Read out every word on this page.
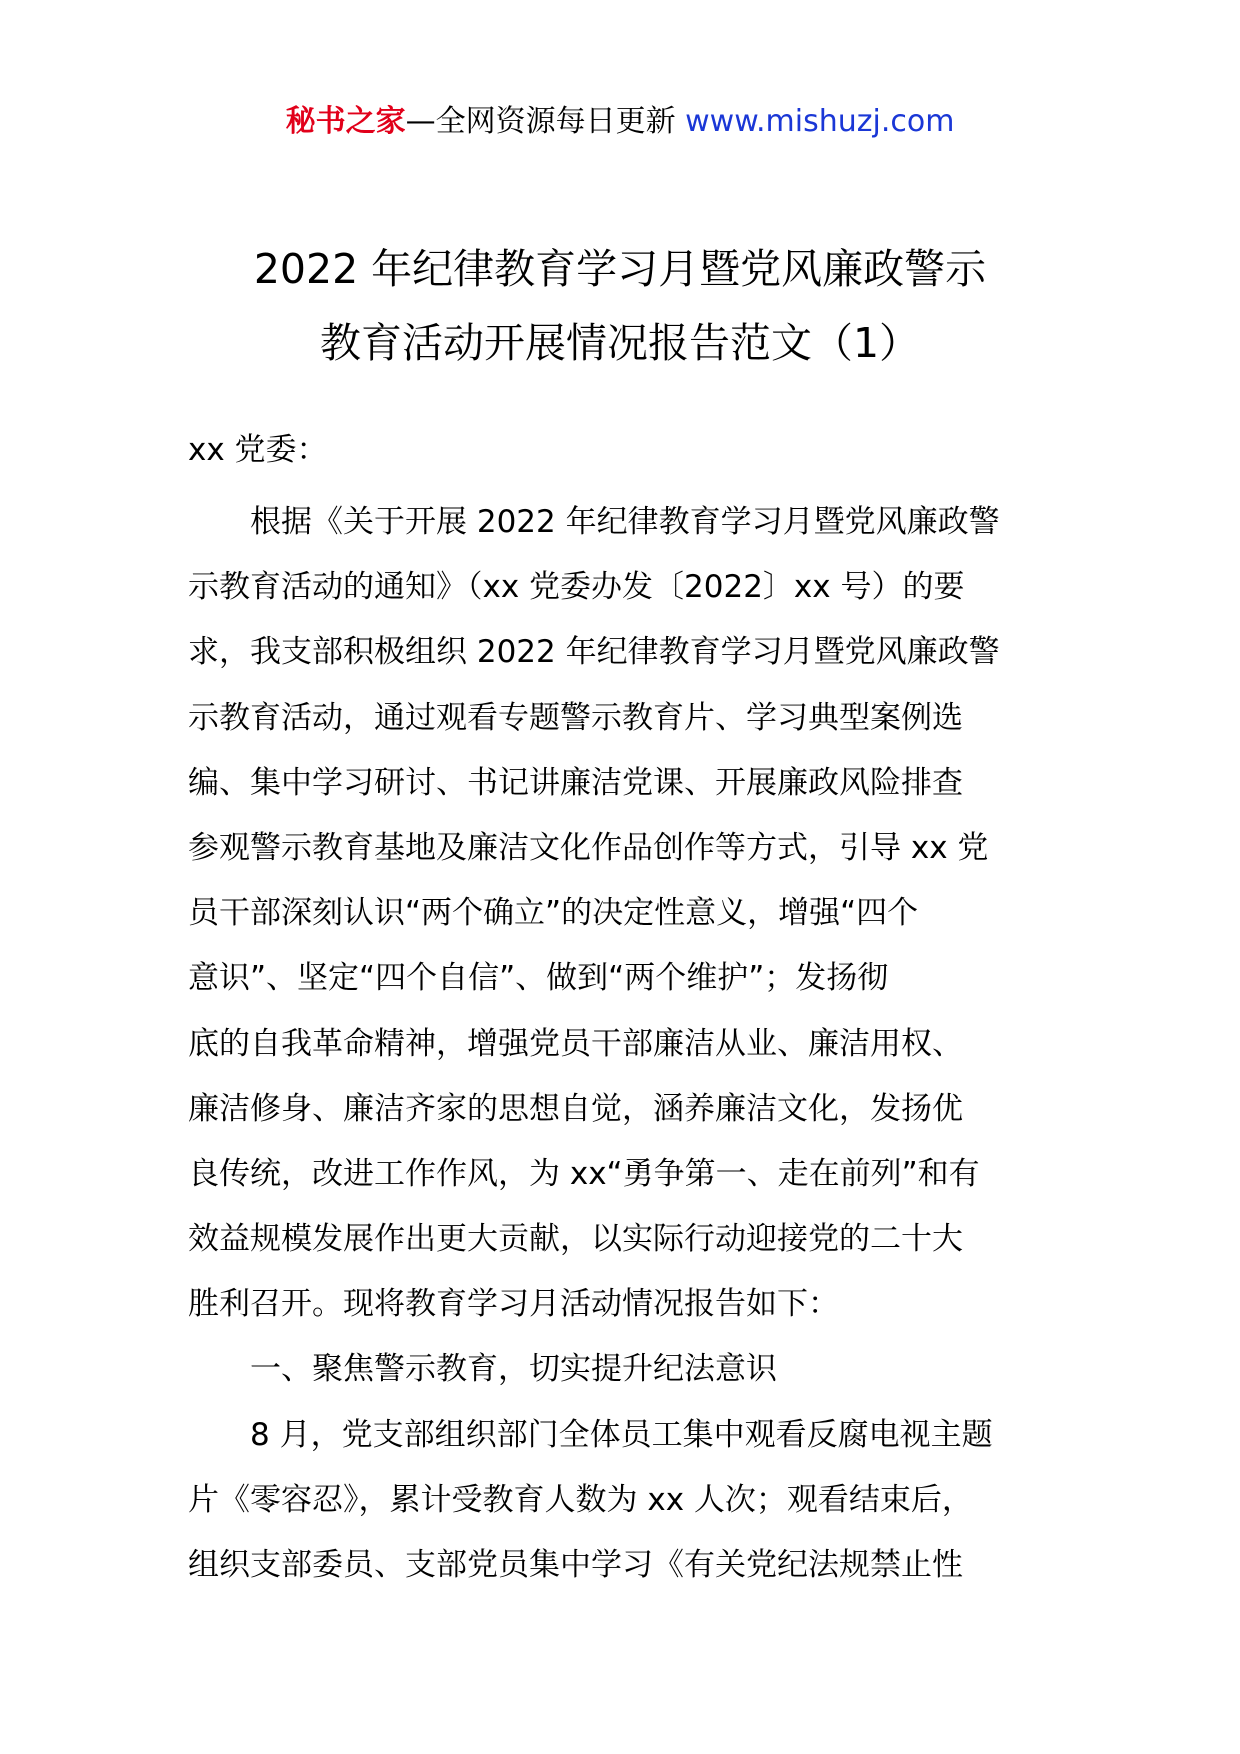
秘书之家—全网资源每日更新 www.mishuzj.com
2022 年纪律教育学习月暨党风廉政警示
教育活动开展情况报告范文（1）
xx 党委：
根据《关于开展 2022 年纪律教育学习月暨党风廉政警
示教育活动的通知》（xx 党委办发〔2022〕xx 号）的要
求，我支部积极组织 2022 年纪律教育学习月暨党风廉政警
示教育活动，通过观看专题警示教育片、学习典型案例选
编、集中学习研讨、书记讲廉洁党课、开展廉政风险排查
参观警示教育基地及廉洁文化作品创作等方式，引导 xx 党
员干部深刻认识“两个确立”的决定性意义，增强“四个
意识”、坚定“四个自信”、做到“两个维护”；发扬彻
底的自我革命精神，增强党员干部廉洁从业、廉洁用权、
廉洁修身、廉洁齐家的思想自觉，涵养廉洁文化，发扬优
良传统，改进工作作风，为 xx“勇争第一、走在前列”和有
效益规模发展作出更大贡献，以实际行动迎接党的二十大
胜利召开。现将教育学习月活动情况报告如下：
一、聚焦警示教育，切实提升纪法意识
8 月，党支部组织部门全体员工集中观看反腐电视主题
片《零容忍》，累计受教育人数为 xx 人次；观看结束后，
组织支部委员、支部党员集中学习《有关党纪法规禁止性
